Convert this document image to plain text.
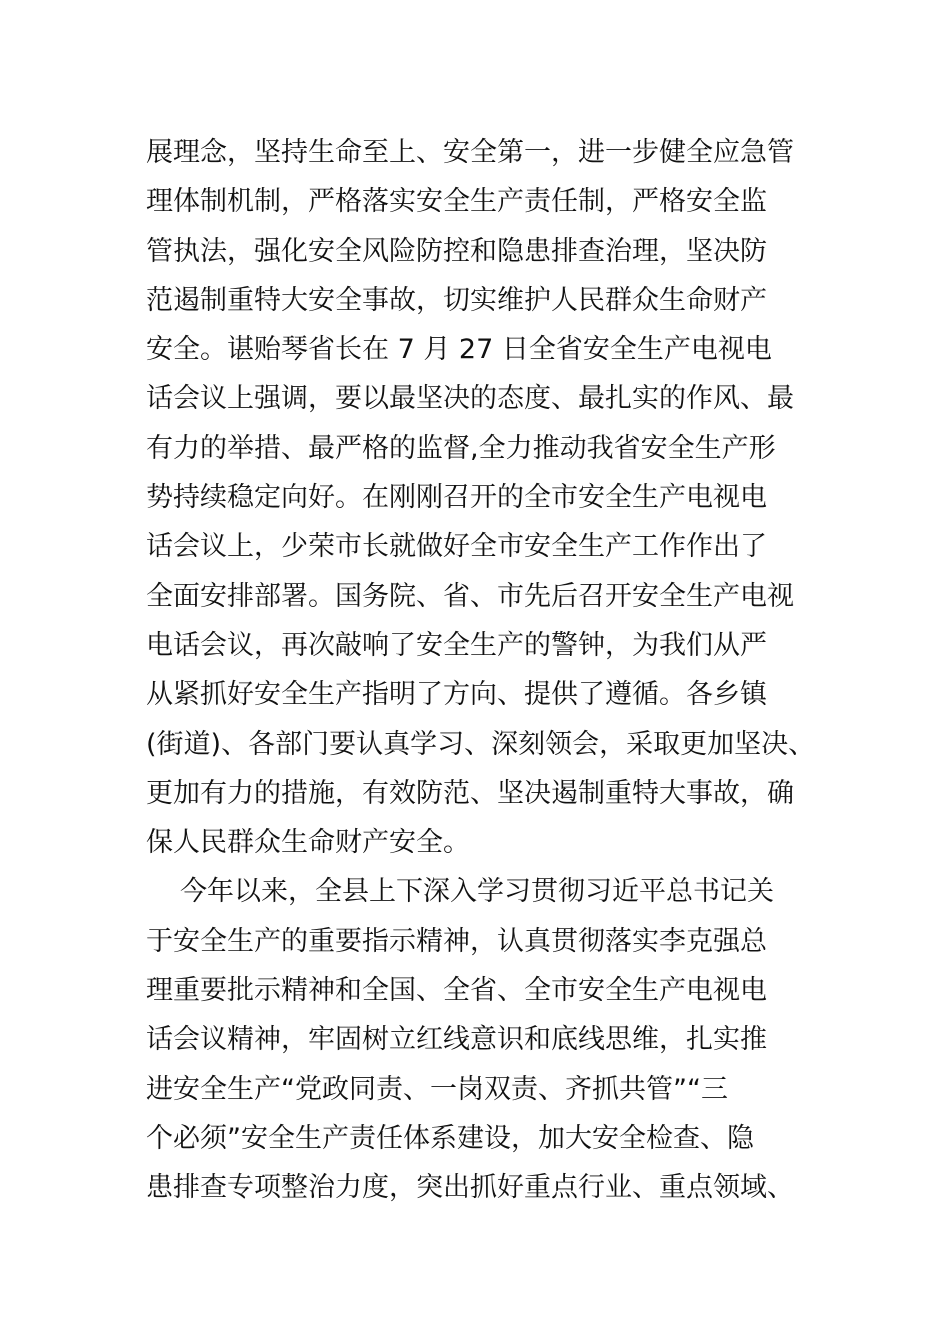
展理念，坚持生命至上、安全第一，进一步健全应急管
理体制机制，严格落实安全生产责任制，严格安全监
管执法，强化安全风险防控和隐患排查治理，坚决防
范遏制重特大安全事故，切实维护人民群众生命财产
安全。谌贻琴省长在 7 月 27 日全省安全生产电视电
话会议上强调，要以最坚决的态度、最扎实的作风、最
有力的举措、最严格的监督,全力推动我省安全生产形
势持续稳定向好。在刚刚召开的全市安全生产电视电
话会议上，少荣市长就做好全市安全生产工作作出了
全面安排部署。国务院、省、市先后召开安全生产电视
电话会议，再次敲响了安全生产的警钟，为我们从严
从紧抓好安全生产指明了方向、提供了遵循。各乡镇
(街道)、各部门要认真学习、深刻领会，采取更加坚决、
更加有力的措施，有效防范、坚决遏制重特大事故，确
保人民群众生命财产安全。
今年以来，全县上下深入学习贯彻习近平总书记关
于安全生产的重要指示精神，认真贯彻落实李克强总
理重要批示精神和全国、全省、全市安全生产电视电
话会议精神，牢固树立红线意识和底线思维，扎实推
进安全生产“党政同责、一岗双责、齐抓共管”“三
个必须”安全生产责任体系建设，加大安全检查、隐
患排查专项整治力度，突出抓好重点行业、重点领域、
